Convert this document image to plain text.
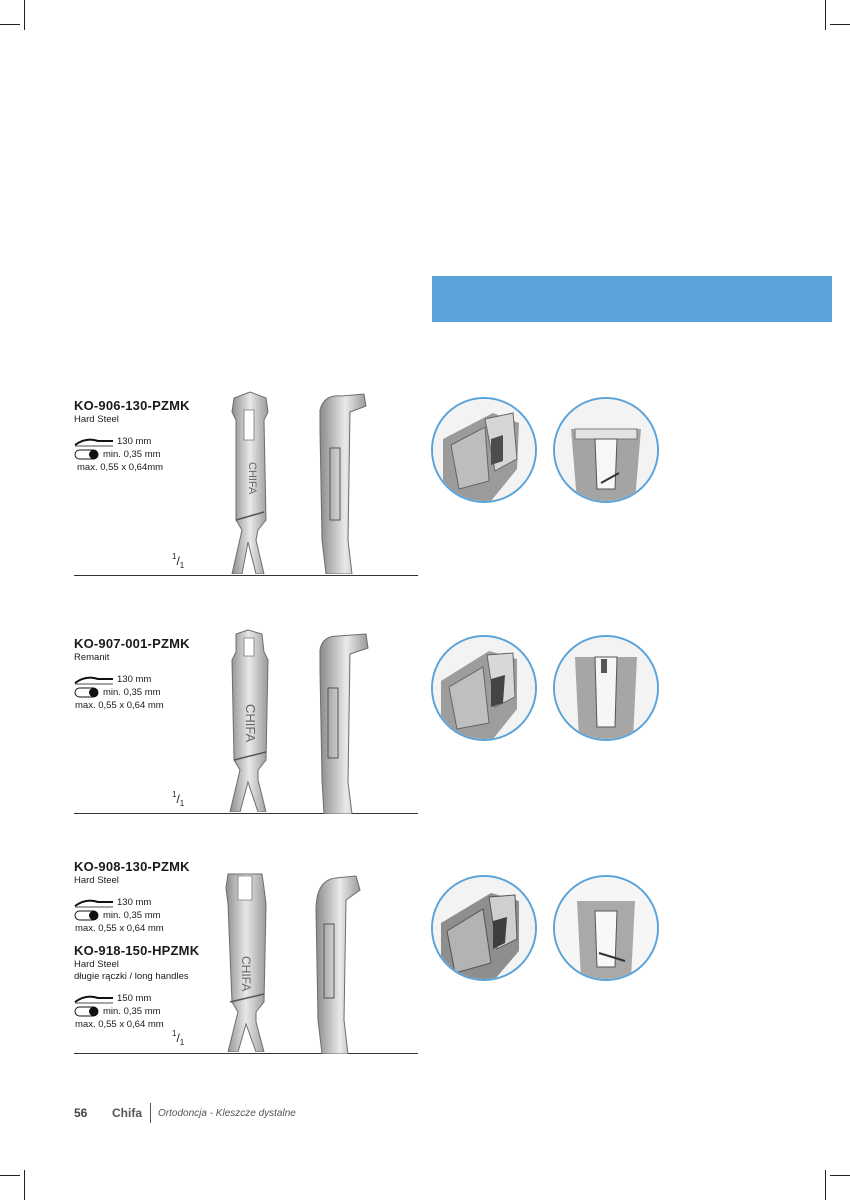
KO-906-130-PZMK
Hard Steel
130 mm
min. 0,35 mm
max. 0,55 x 0,64mm
$^1/_1$
CHIFA
KO-907-001-PZMK
Remanit
130 mm
min. 0,35 mm
max. 0,55 x 0,64 mm
$^1/_1$
CHIFA
KO-908-130-PZMK
Hard Steel
130 mm
min. 0,35 mm
max. 0,55 x 0,64 mm
KO-918-150-HPZMK
Hard Steel
długie rączki / long handles
150 mm
min. 0,35 mm
max. 0,55 x 0,64 mm
$^1/_1$
CHIFA
56	Chifa Ortodoncja - Kleszcze dystalne
